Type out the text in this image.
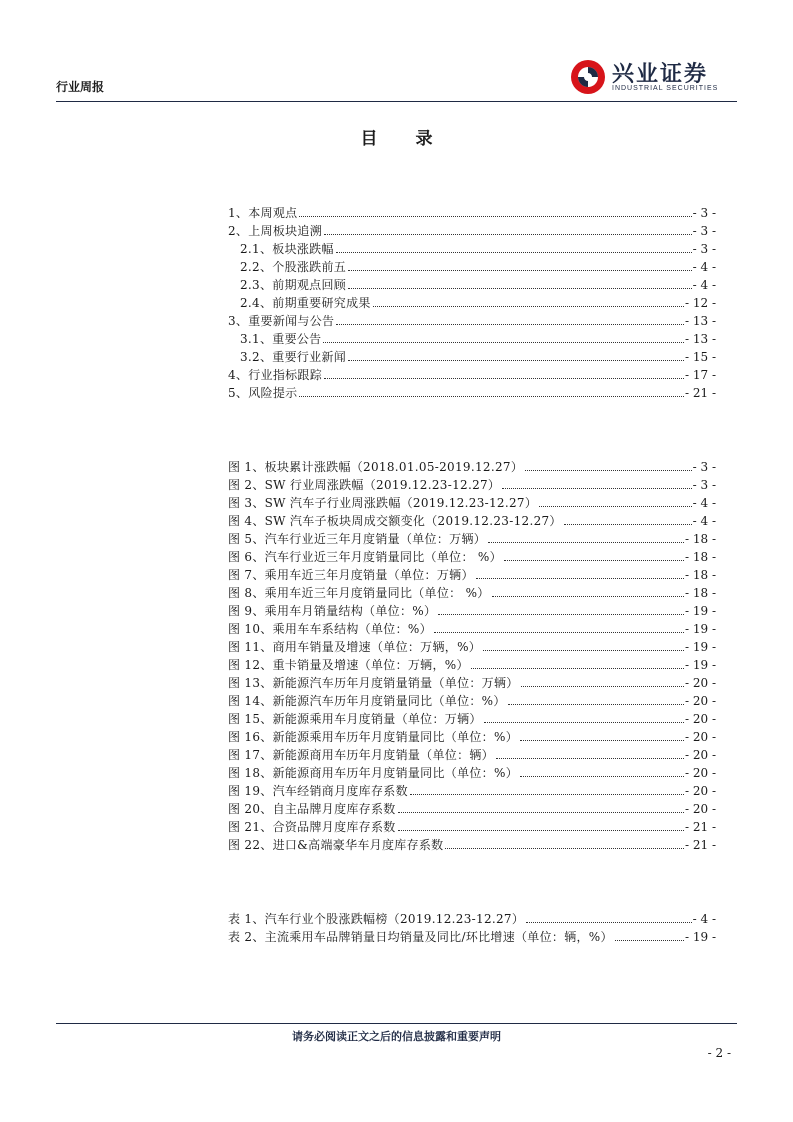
行业周报	兴业证券
INDUSTRIAL SECURITIES
目 录
1、本周观点	- 3 -
2、上周板块追溯	- 3 -
2.1、板块涨跌幅	- 3 -
2.2、个股涨跌前五	- 4 -
2.3、前期观点回顾	- 4 -
2.4、前期重要研究成果	- 12 -
3、重要新闻与公告	- 13 -
3.1、重要公告	- 13 -
3.2、重要行业新闻	- 15 -
4、行业指标跟踪	- 17 -
5、风险提示	- 21 -
图 1、板块累计涨跌幅（2018.01.05-2019.12.27）	- 3 -
图 2、SW 行业周涨跌幅（2019.12.23-12.27）	- 3 -
图 3、SW 汽车子行业周涨跌幅（2019.12.23-12.27）	- 4 -
图 4、SW 汽车子板块周成交额变化（2019.12.23-12.27）	- 4 -
图 5、汽车行业近三年月度销量（单位：万辆）	- 18 -
图 6、汽车行业近三年月度销量同比（单位： %）	- 18 -
图 7、乘用车近三年月度销量（单位：万辆）	- 18 -
图 8、乘用车近三年月度销量同比（单位： %）	- 18 -
图 9、乘用车月销量结构（单位：%）	- 19 -
图 10、乘用车车系结构（单位：%）	- 19 -
图 11、商用车销量及增速（单位：万辆，%）	- 19 -
图 12、重卡销量及增速（单位：万辆，%）	- 19 -
图 13、新能源汽车历年月度销量销量（单位：万辆）	- 20 -
图 14、新能源汽车历年月度销量同比（单位：%）	- 20 -
图 15、新能源乘用车月度销量（单位：万辆）	- 20 -
图 16、新能源乘用车历年月度销量同比（单位：%）	- 20 -
图 17、新能源商用车历年月度销量（单位：辆）	- 20 -
图 18、新能源商用车历年月度销量同比（单位：%）	- 20 -
图 19、汽车经销商月度库存系数	- 20 -
图 20、自主品牌月度库存系数	- 20 -
图 21、合资品牌月度库存系数	- 21 -
图 22、进口&高端豪华车月度库存系数	- 21 -
表 1、汽车行业个股涨跌幅榜（2019.12.23-12.27）	- 4 -
表 2、主流乘用车品牌销量日均销量及同比/环比增速（单位：辆，%）	- 19 -
请务必阅读正文之后的信息披露和重要声明
- 2 -
